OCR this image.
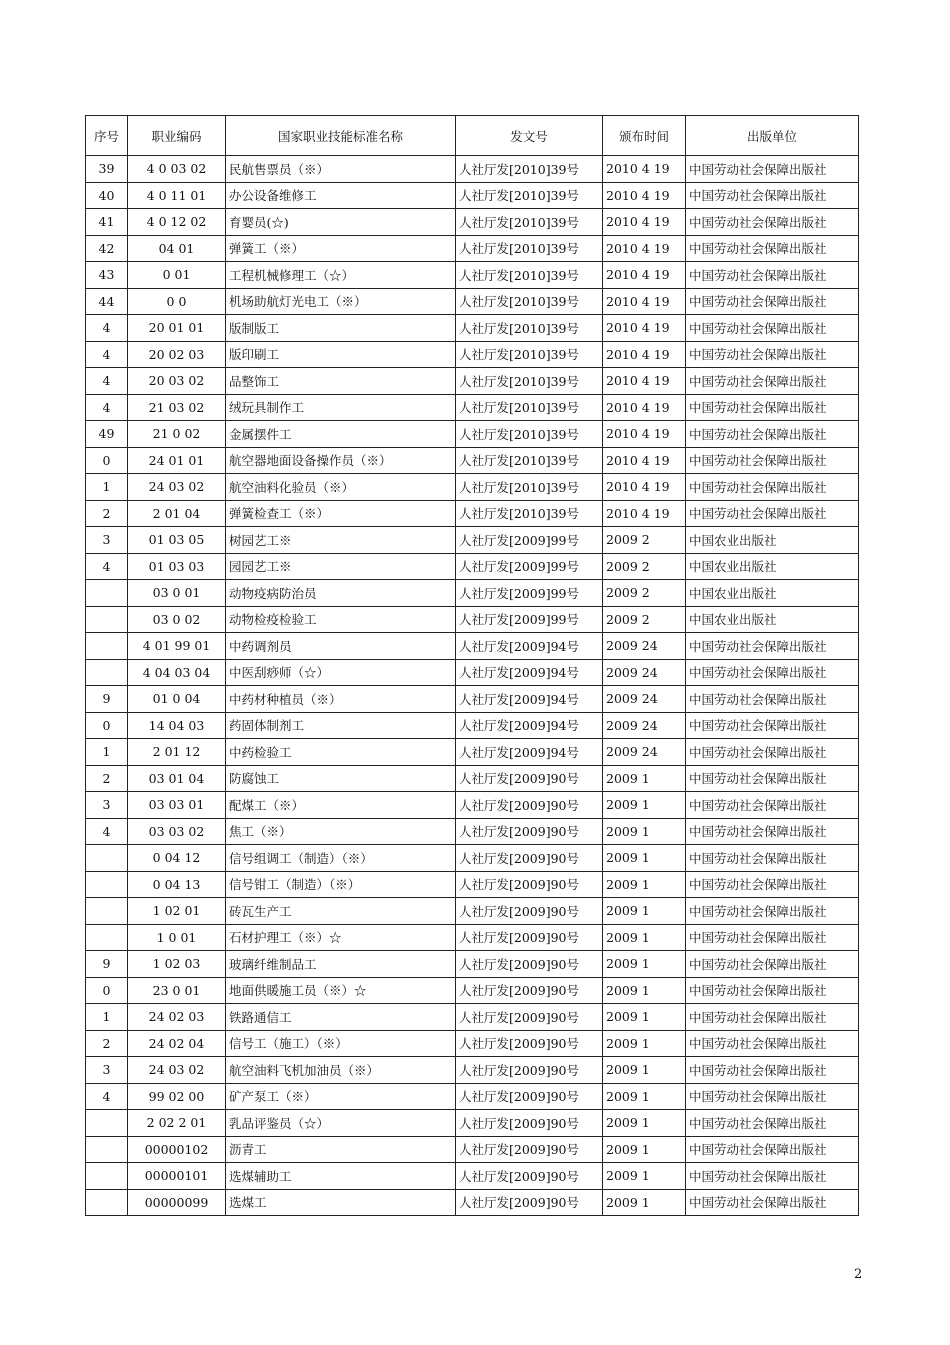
序号	职业编码	国家职业技能标准名称	发文号	颁布时间	出版单位
39	4 0 03 02	民航售票员（※）	人社厅发[2010]39号	2010 4 19	中国劳动社会保障出版社
40	4 0 11 01	办公设备维修工	人社厅发[2010]39号	2010 4 19	中国劳动社会保障出版社
41	4 0 12 02	育婴员(☆)	人社厅发[2010]39号	2010 4 19	中国劳动社会保障出版社
42	04 01	弹簧工（※）	人社厅发[2010]39号	2010 4 19	中国劳动社会保障出版社
43	0 01	工程机械修理工（☆）	人社厅发[2010]39号	2010 4 19	中国劳动社会保障出版社
44	0 0	机场助航灯光电工（※）	人社厅发[2010]39号	2010 4 19	中国劳动社会保障出版社
4	20 01 01	版制版工	人社厅发[2010]39号	2010 4 19	中国劳动社会保障出版社
4	20 02 03	版印刷工	人社厅发[2010]39号	2010 4 19	中国劳动社会保障出版社
4	20 03 02	品整饰工	人社厅发[2010]39号	2010 4 19	中国劳动社会保障出版社
4	21 03 02	绒玩具制作工	人社厅发[2010]39号	2010 4 19	中国劳动社会保障出版社
49	21 0 02	金属摆件工	人社厅发[2010]39号	2010 4 19	中国劳动社会保障出版社
0	24 01 01	航空器地面设备操作员（※）	人社厅发[2010]39号	2010 4 19	中国劳动社会保障出版社
1	24 03 02	航空油料化验员（※）	人社厅发[2010]39号	2010 4 19	中国劳动社会保障出版社
2	2 01 04	弹簧检查工（※）	人社厅发[2010]39号	2010 4 19	中国劳动社会保障出版社
3	01 03 05	树园艺工※	人社厅发[2009]99号	2009 2	中国农业出版社
4	01 03 03	园园艺工※	人社厅发[2009]99号	2009 2	中国农业出版社
	03 0 01	动物疫病防治员	人社厅发[2009]99号	2009 2	中国农业出版社
	03 0 02	动物检疫检验工	人社厅发[2009]99号	2009 2	中国农业出版社
	4 01 99 01	中药调剂员	人社厅发[2009]94号	2009 24	中国劳动社会保障出版社
	4 04 03 04	中医刮痧师（☆）	人社厅发[2009]94号	2009 24	中国劳动社会保障出版社
9	01 0 04	中药材种植员（※）	人社厅发[2009]94号	2009 24	中国劳动社会保障出版社
0	14 04 03	药固体制剂工	人社厅发[2009]94号	2009 24	中国劳动社会保障出版社
1	2 01 12	中药检验工	人社厅发[2009]94号	2009 24	中国劳动社会保障出版社
2	03 01 04	防腐蚀工	人社厅发[2009]90号	2009 1	中国劳动社会保障出版社
3	03 03 01	配煤工（※）	人社厅发[2009]90号	2009 1	中国劳动社会保障出版社
4	03 03 02	焦工（※）	人社厅发[2009]90号	2009 1	中国劳动社会保障出版社
	0 04 12	信号组调工（制造）（※）	人社厅发[2009]90号	2009 1	中国劳动社会保障出版社
	0 04 13	信号钳工（制造）（※）	人社厅发[2009]90号	2009 1	中国劳动社会保障出版社
	1 02 01	砖瓦生产工	人社厅发[2009]90号	2009 1	中国劳动社会保障出版社
	1 0 01	石材护理工（※）☆	人社厅发[2009]90号	2009 1	中国劳动社会保障出版社
9	1 02 03	玻璃纤维制品工	人社厅发[2009]90号	2009 1	中国劳动社会保障出版社
0	23 0 01	地面供暖施工员（※）☆	人社厅发[2009]90号	2009 1	中国劳动社会保障出版社
1	24 02 03	铁路通信工	人社厅发[2009]90号	2009 1	中国劳动社会保障出版社
2	24 02 04	信号工（施工）（※）	人社厅发[2009]90号	2009 1	中国劳动社会保障出版社
3	24 03 02	航空油料飞机加油员（※）	人社厅发[2009]90号	2009 1	中国劳动社会保障出版社
4	99 02 00	矿产泵工（※）	人社厅发[2009]90号	2009 1	中国劳动社会保障出版社
	2 02 2 01	乳品评鉴员（☆）	人社厅发[2009]90号	2009 1	中国劳动社会保障出版社
	00000102	沥青工	人社厅发[2009]90号	2009 1	中国劳动社会保障出版社
	00000101	选煤辅助工	人社厅发[2009]90号	2009 1	中国劳动社会保障出版社
	00000099	选煤工	人社厅发[2009]90号	2009 1	中国劳动社会保障出版社
2
